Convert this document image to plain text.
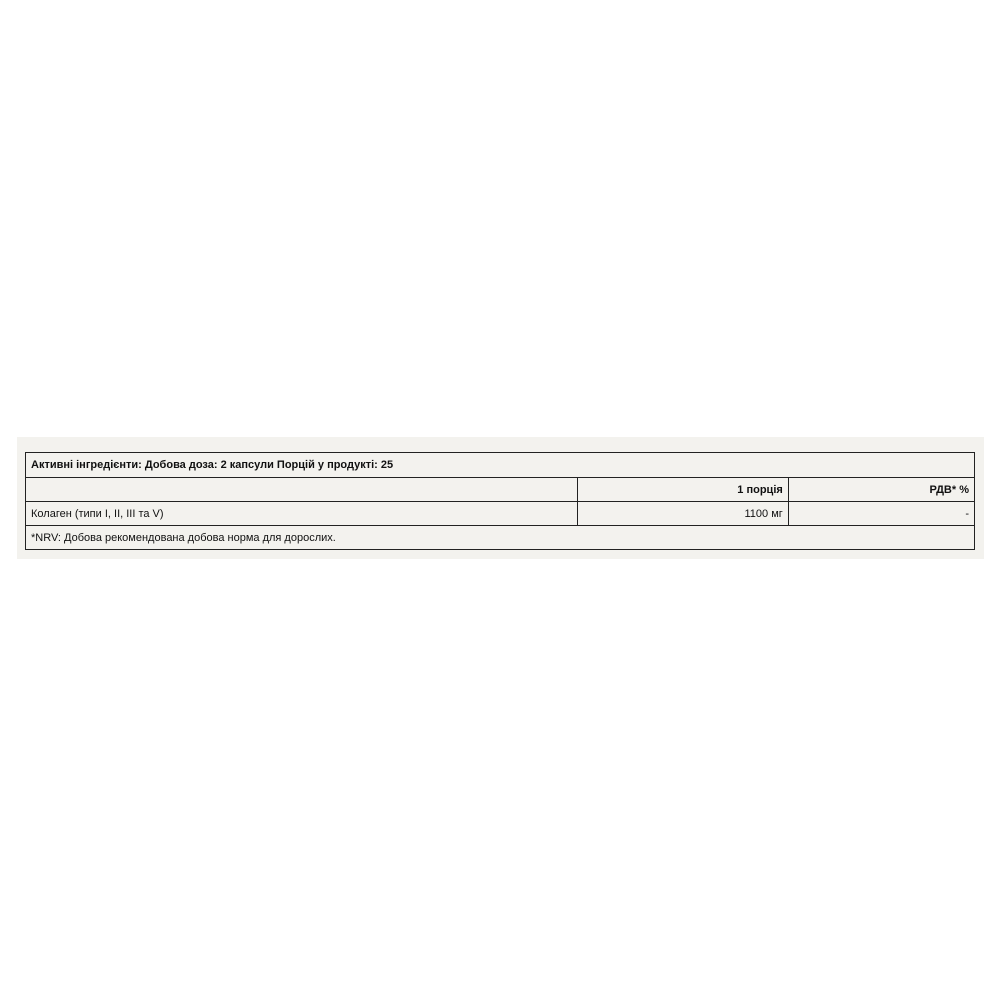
Активні інгредієнти: Добова доза: 2 капсули Порцій у продукті: 25		
	1 порція	РДВ* %
Колаген (типи I, II, III та V)	1100 мг	-
*NRV: Добова рекомендована добова норма для дорослих.		
